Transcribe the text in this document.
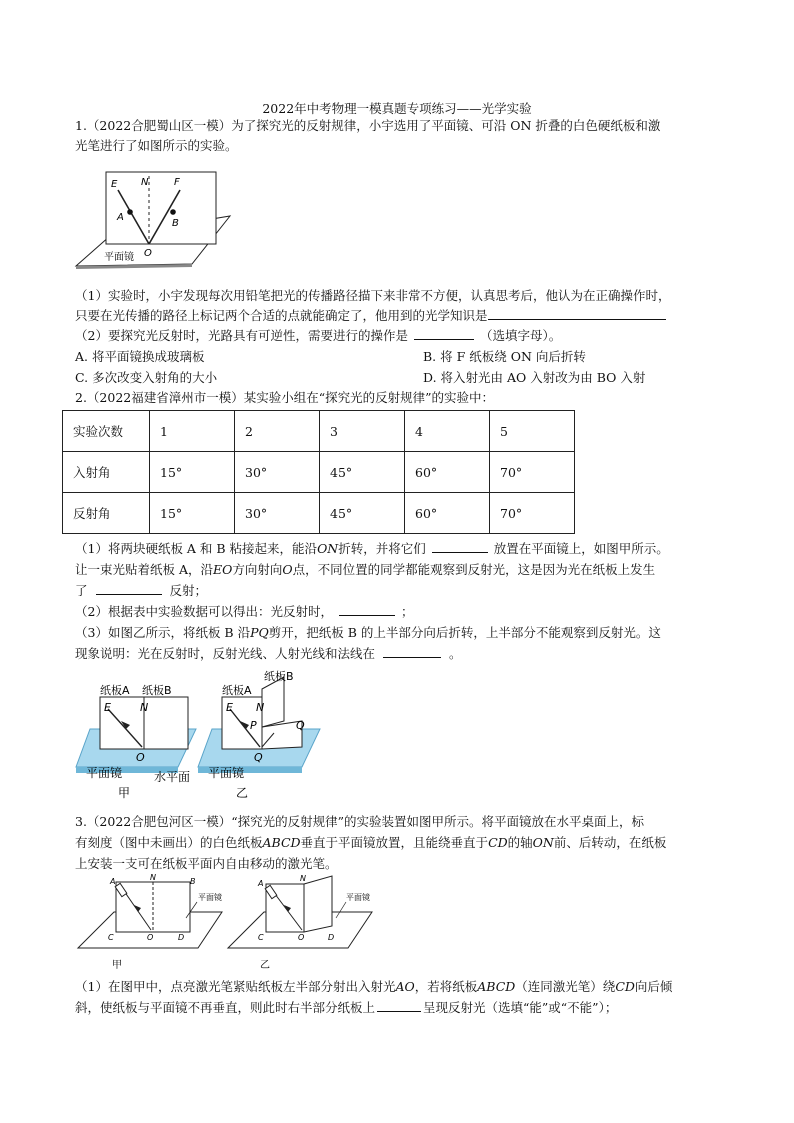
2022年中考物理一模真题专项练习——光学实验
1.（2022合肥蜀山区一模）为了探究光的反射规律，小宇选用了平面镜、可沿 ON 折叠的白色硬纸板和激
光笔进行了如图所示的实验。
E N	F
A
B
O
平面镜
（1）实验时，小宇发现每次用铅笔把光的传播路径描下来非常不方便，认真思考后，他认为在正确操作时，
只要在光传播的路径上标记两个合适的点就能确定了，他用到的光学知识是
（2）要探究光反射时，光路具有可逆性，需要进行的操作是	（选填字母）。
A. 将平面镜换成玻璃板	B. 将 F 纸板绕 ON 向后折转
C. 多次改变入射角的大小	D. 将入射光由 AO 入射改为由 BO 入射
2.（2022福建省漳州市一模）某实验小组在“探究光的反射规律”的实验中：
实验次数	1	2	3	4	5
入射角	15°	30°	45°	60°	70°
反射角	15°	30°	45°	60°	70°
（1）将两块硬纸板 A 和 B 粘接起来，能沿ON折转，并将它们	放置在平面镜上，如图甲所示。
让一束光贴着纸板 A，沿EO方向射向O点，不同位置的同学都能观察到反射光，这是因为光在纸板上发生
了	反射；
（2）根据表中实验数据可以得出：光反射时，	；
（3）如图乙所示，将纸板 B 沿PQ剪开，把纸板 B 的上半部分向后折转，上半部分不能观察到反射光。这
现象说明：光在反射时，反射光线、人射光线和法线在	。
纸板A 纸板B
E	N
O
平面镜	水平面
甲
纸板A
纸板B
E N
P	Q
Q
平面镜
乙
3.（2022合肥包河区一模）“探究光的反射规律”的实验装置如图甲所示。将平面镜放在水平桌面上，标
有刻度（图中未画出）的白色纸板ABCD垂直于平面镜放置，且能绕垂直于CD的轴ON前、后转动，在纸板
上安装一支可在纸板平面内自由移动的激光笔。
A	N	B
C	O	D
平面镜
甲
A
N
C	O	D
平面镜
乙
（1）在图甲中，点亮激光笔紧贴纸板左半部分射出入射光AO，若将纸板ABCD（连同激光笔）绕CD向后倾
斜，使纸板与平面镜不再垂直，则此时右半部分纸板上	呈现反射光（选填“能”或“不能”）；
